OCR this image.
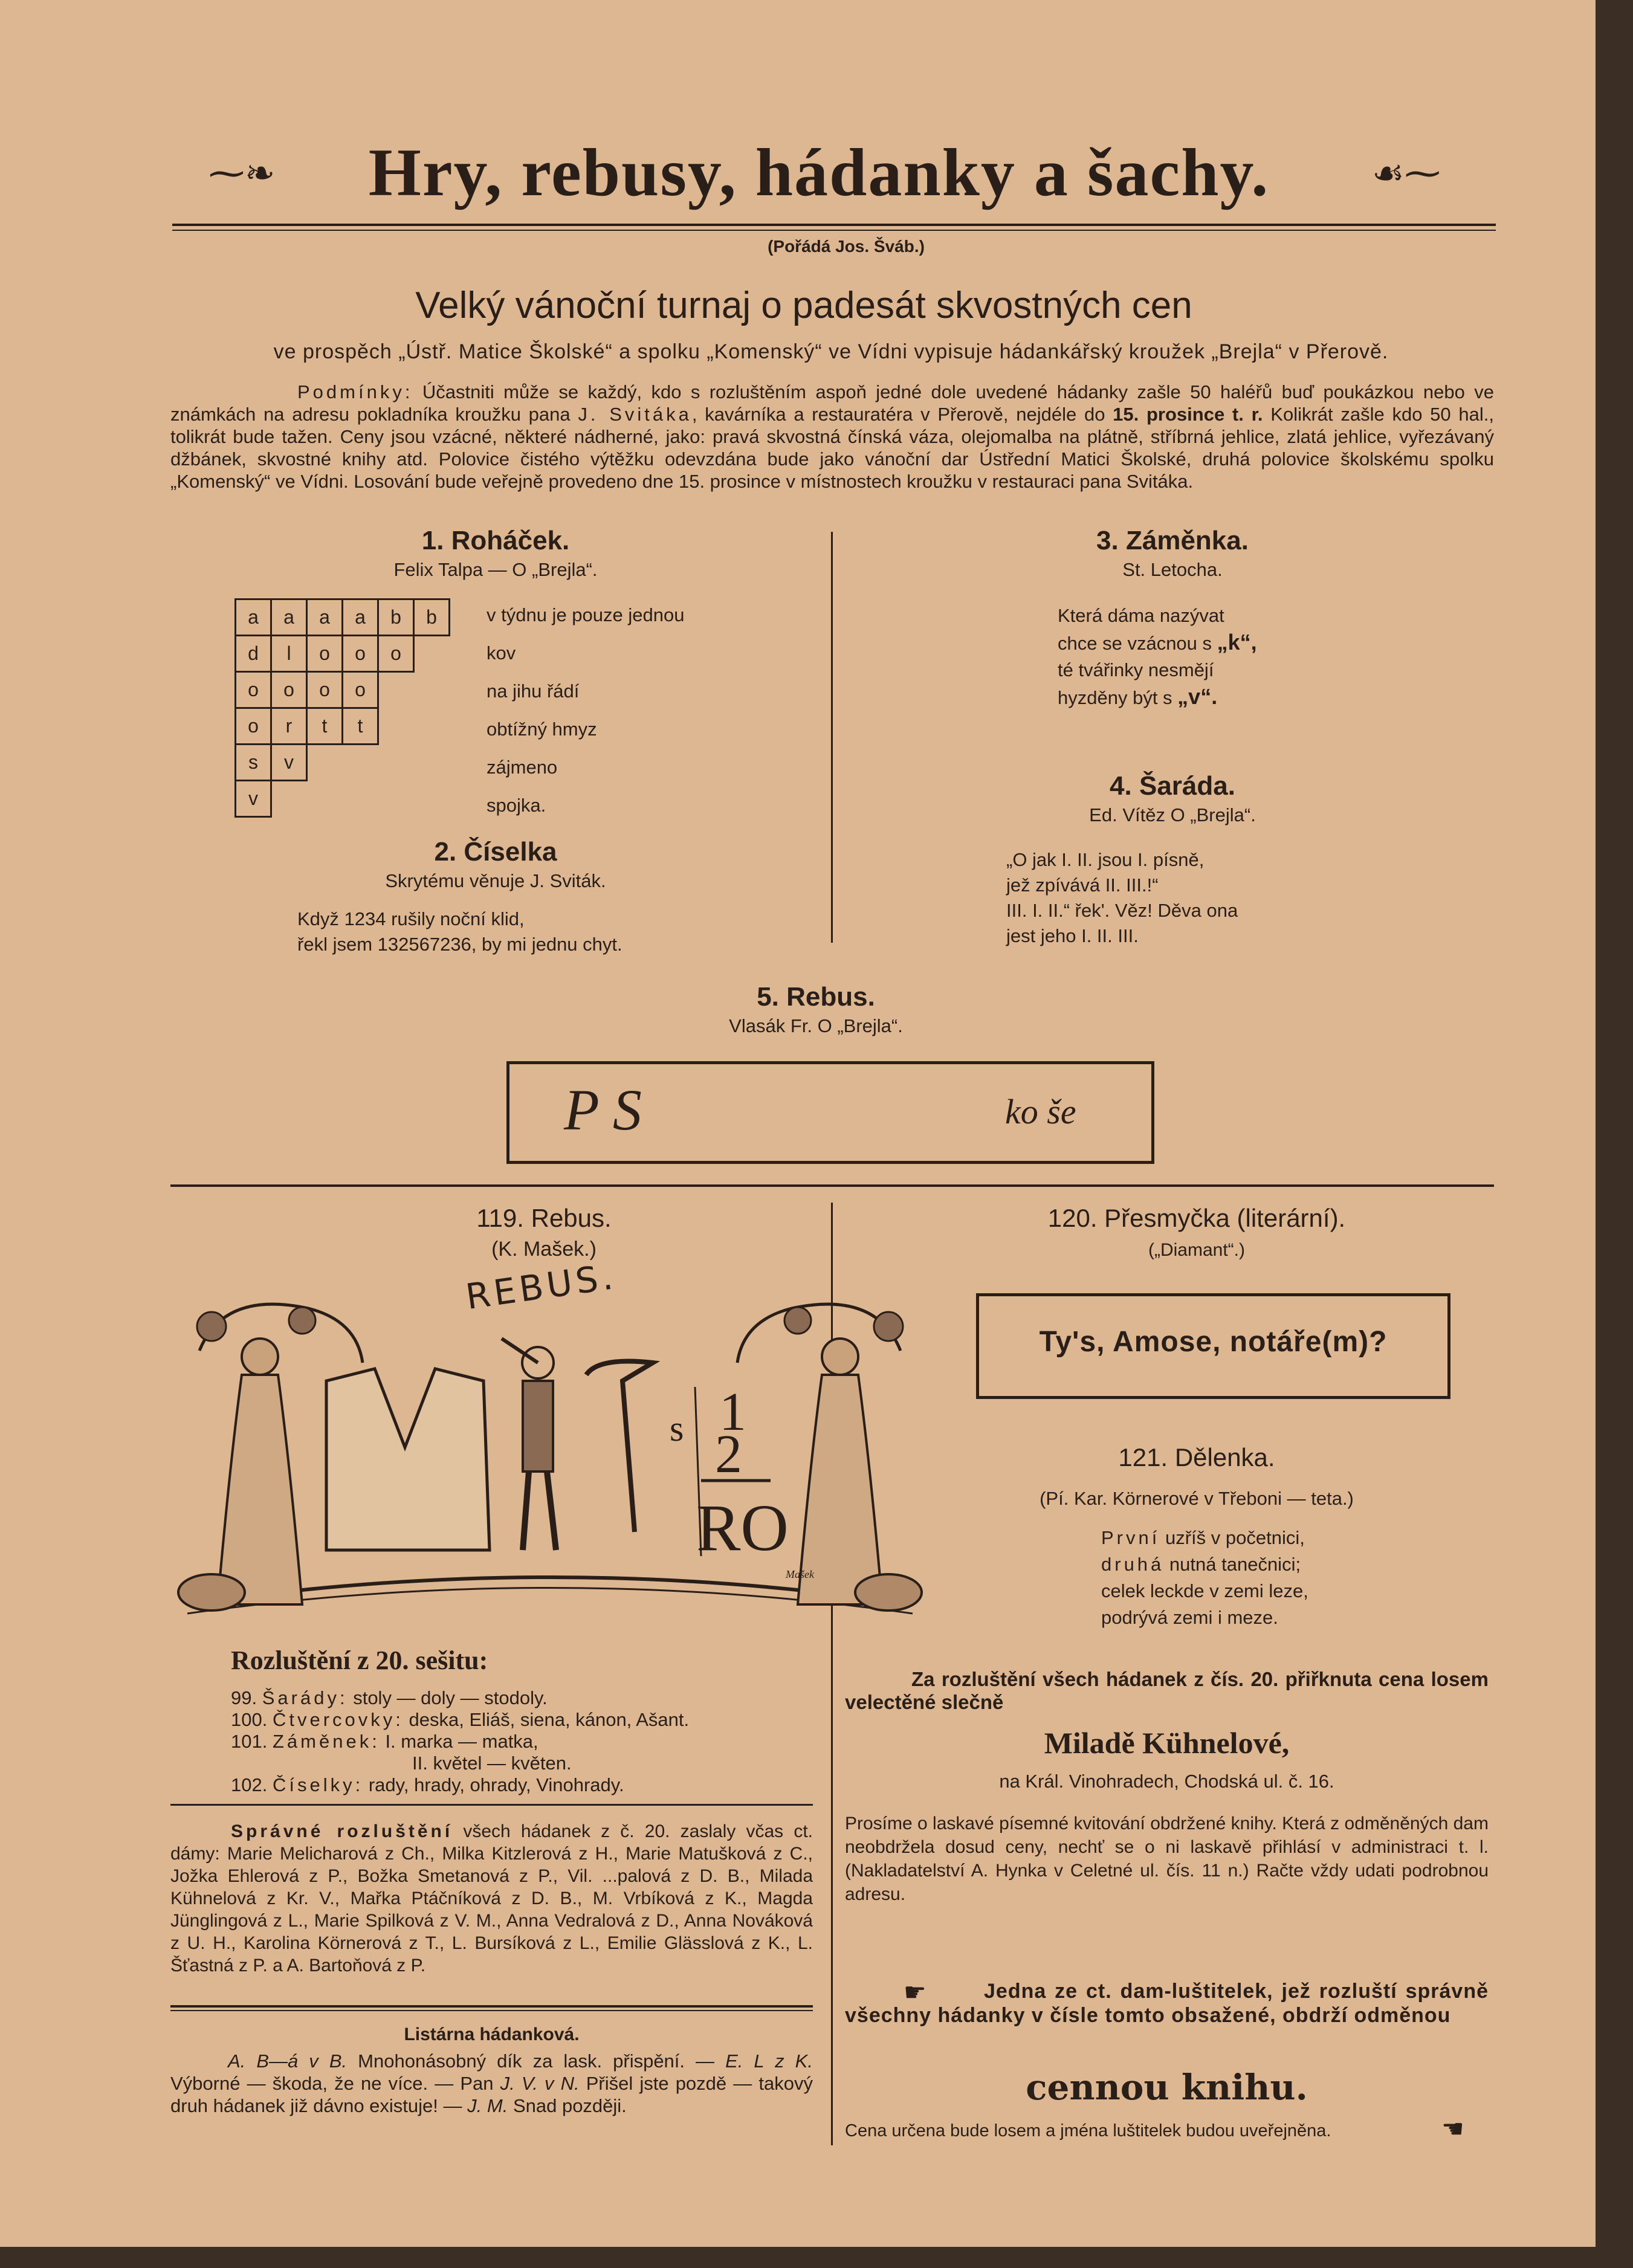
⁓❧	☙⁓
Hry, rebusy, hádanky a šachy.
(Pořádá Jos. Šváb.)
Velký vánoční turnaj o padesát skvostných cen
ve prospěch „Ústř. Matice Školské“ a spolku „Komenský“ ve Vídni vypisuje hádankářský kroužek „Brejla“ v Přerově.
Podmínky: Účastniti může se každý, kdo s rozluštěním aspoň jedné dole uvedené hádanky zašle 50 haléřů buď poukázkou nebo ve známkách na adresu pokladníka kroužku pana J. Svitáka, kavárníka a restauratéra v Přerově, nejdéle do 15. prosince t. r. Kolikrát zašle kdo 50 hal., tolikrát bude tažen. Ceny jsou vzácné, některé nádherné, jako: pravá skvostná čínská váza, olejomalba na plátně, stříbrná jehlice, zlatá jehlice, vyřezávaný džbánek, skvostné knihy atd. Polovice čistého výtěžku odevzdána bude jako vánoční dar Ústřední Matici Školské, druhá polovice školskému spolku „Komenský“ ve Vídni. Losování bude veřejně provedeno dne 15. prosince v místnostech kroužku v restauraci pana Svitáka.
1. Roháček.
Felix Talpa — O „Brejla“.
a	a	a	a	b	b
d	l	o	o	o	
o	o	o	o		
o	r	t	t		
s	v				
v					
v týdnu je pouze jednou
kov
na jihu řádí
obtížný hmyz
zájmeno
spojka.
2. Číselka
Skrytému věnuje J. Sviták.
Když 1234 rušily noční klid,
řekl jsem 132567236, by mi jednu chyt.
3. Záměnka.
St. Letocha.
Která dáma nazývat
chce se vzácnou s „k“,
té tvářinky nesmějí
hyzděny být s „v“.
4. Šaráda.
Ed. Vítěz O „Brejla“.
„O jak I. II. jsou I. písně,
jež zpívává II. III.!“
III. I. II.“ řek'. Věz! Děva ona
jest jeho I. II. III.
5. Rebus.
Vlasák Fr. O „Brejla“.
P S	ko še
119. Rebus.
(K. Mašek.)
REBUS.
s 1
2
RO
Mašek
120. Přesmyčka (literární).
(„Diamant“.)
Ty's, Amose, notáře(m)?
121. Dělenka.
(Pí. Kar. Körnerové v Třeboni — teta.)
První uzříš v početnici,
druhá nutná tanečnici;
celek leckde v zemi leze,
podrývá zemi i meze.
Rozluštění z 20. sešitu:
99. Šarády: stoly — doly — stodoly.
100. Čtvercovky: deska, Eliáš, siena, kánon, Ašant.
101. Záměnek: I. marka — matka,
II. květel — květen.
102. Číselky: rady, hrady, ohrady, Vinohrady.
Správné rozluštění všech hádanek z č. 20. zaslaly včas ct. dámy: Marie Melicharová z Ch., Milka Kitzlerová z H., Marie Matušková z C., Jožka Ehlerová z P., Božka Smetanová z P., Vil. ...palová z D. B., Milada Kühnelová z Kr. V., Mařka Ptáčníková z D. B., M. Vrbíková z K., Magda Jünglingová z L., Marie Spilková z V. M., Anna Vedralová z D., Anna Nováková z U. H., Karolina Körnerová z T., L. Bursíková z L., Emilie Glässlová z K., L. Šťastná z P. a A. Bartoňová z P.
Listárna hádanková.
A. B—á v B. Mnohonásobný dík za lask. přispění. — E. L z K. Výborné — škoda, že ne více. — Pan J. V. v N. Přišel jste pozdě — takový druh hádanek již dávno existuje! — J. M. Snad později.
Za rozluštění všech hádanek z čís. 20. přiřknuta cena losem velectěné slečně
Miladě Kühnelové,
na Král. Vinohradech, Chodská ul. č. 16.
Prosíme o laskavé písemné kvitování obdržené knihy. Která z odměněných dam neobdržela dosud ceny, nechť se o ni laskavě přihlásí v administraci t. l. (Nakladatelství A. Hynka v Celetné ul. čís. 11 n.) Račte vždy udati podrobnou adresu.
☛	Jedna ze ct. dam-luštitelek, jež rozluští správně všechny hádanky v čísle tomto obsažené, obdrží odměnou
cennou knihu.
Cena určena bude losem a jména luštitelek budou uveřejněna.	☚
